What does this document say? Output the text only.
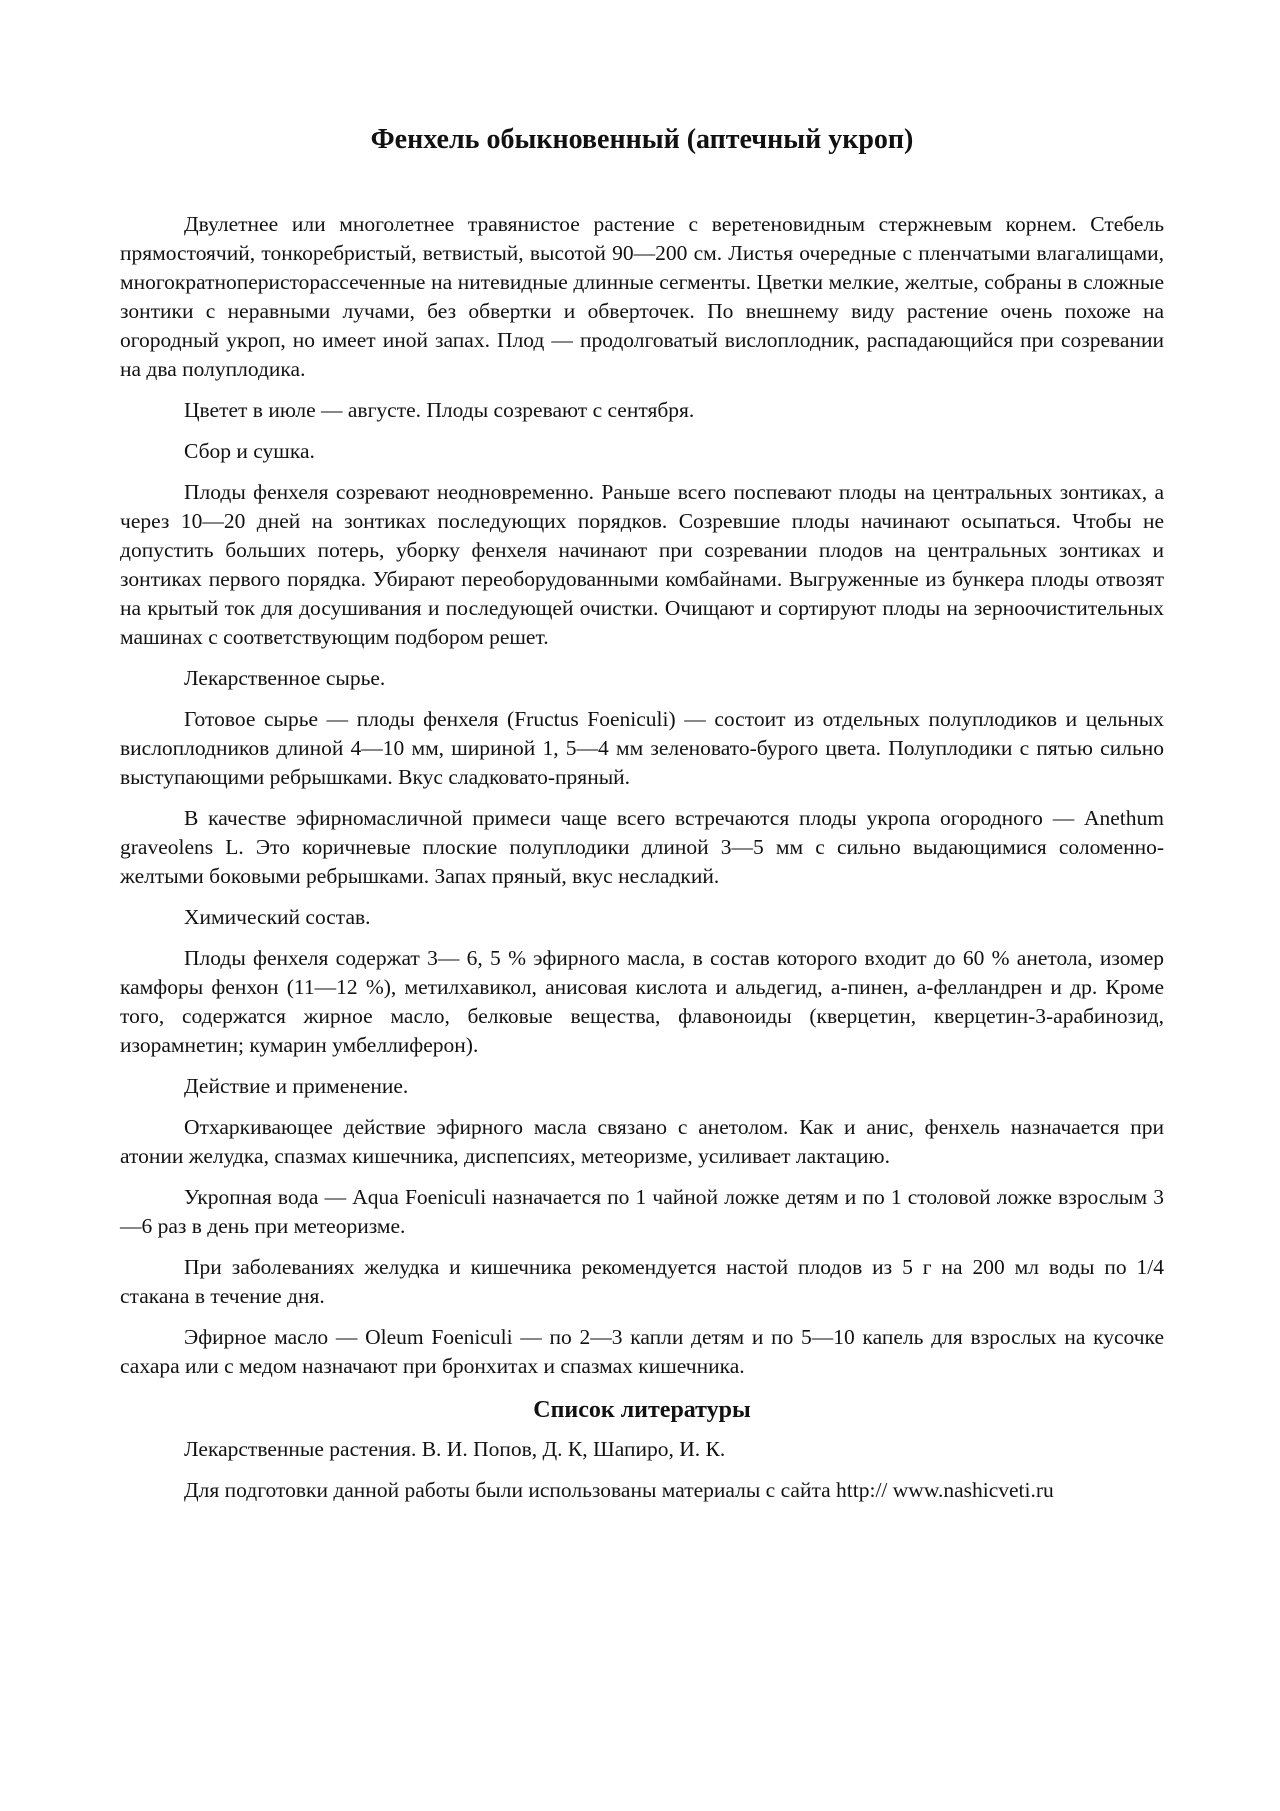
Фенхель обыкновенный (аптечный укроп)

Двулетнее или многолетнее травянистое растение с веретеновидным стержневым корнем. Стебель прямостоячий, тонкоребристый, ветвистый, высотой 90—200 см. Листья очередные с пленчатыми влагалищами, многократноперисторассеченные на нитевидные длинные сегменты. Цветки мелкие, желтые, собраны в сложные зонтики с неравными лучами, без обвертки и обверточек. По внешнему виду растение очень похоже на огородный укроп, но имеет иной запах. Плод — продолговатый вислоплодник, распадающийся при созревании на два полуплодика.

Цветет в июле — августе. Плоды созревают с сентября.

Сбор и сушка.

Плоды фенхеля созревают неодновременно. Раньше всего поспевают плоды на центральных зонтиках, а через 10—20 дней на зонтиках последующих порядков. Созревшие плоды начинают осыпаться. Чтобы не допустить больших потерь, уборку фенхеля начинают при созревании плодов на центральных зонтиках и зонтиках первого порядка. Убирают переоборудованными комбайнами. Выгруженные из бункера плоды отвозят на крытый ток для досушивания и последующей очистки. Очищают и сортируют плоды на зерноочистительных машинах с соответствующим подбором решет.

Лекарственное сырье.

Готовое сырье — плоды фенхеля (Fructus Foeniculi) — состоит из отдельных полуплодиков и цельных вислоплодников длиной 4—10 мм, шириной 1, 5—4 мм зеленовато-бурого цвета. Полуплодики с пятью сильно выступающими ребрышками. Вкус сладковато-пряный.

В качестве эфирномасличной примеси чаще всего встречаются плоды укропа огородного — Anethum graveolens L. Это коричневые плоские полуплодики длиной 3—5 мм с сильно выдающимися соломенно-желтыми боковыми ребрышками. Запах пряный, вкус несладкий.

Химический состав.

Плоды фенхеля содержат 3— 6, 5 % эфирного масла, в состав которого входит до 60 % анетола, изомер камфоры фенхон (11—12 %), метилхавикол, анисовая кислота и альдегид, а-пинен, а-фелландрен и др. Кроме того, содержатся жирное масло, белковые вещества, флавоноиды (кверцетин, кверцетин-3-арабинозид, изорамнетин; кумарин умбеллиферон).

Действие и применение.

Отхаркивающее действие эфирного масла связано с анетолом. Как и анис, фенхель назначается при атонии желудка, спазмах кишечника, диспепсиях, метеоризме, усиливает лактацию.

Укропная вода — Aqua Foeniculi назначается по 1 чайной ложке детям и по 1 столовой ложке взрослым 3—6 раз в день при метеоризме.

При заболеваниях желудка и кишечника рекомендуется настой плодов из 5 г на 200 мл воды по 1/4 стакана в течение дня.

Эфирное масло — Oleum Foeniculi — по 2—3 капли детям и по 5—10 капель для взрослых на кусочке сахара или с медом назначают при бронхитах и спазмах кишечника.

Список литературы

Лекарственные растения. В. И. Попов, Д. К, Шапиро, И. К.

Для подготовки данной работы были использованы материалы с сайта http:// www.nashicveti.ru
